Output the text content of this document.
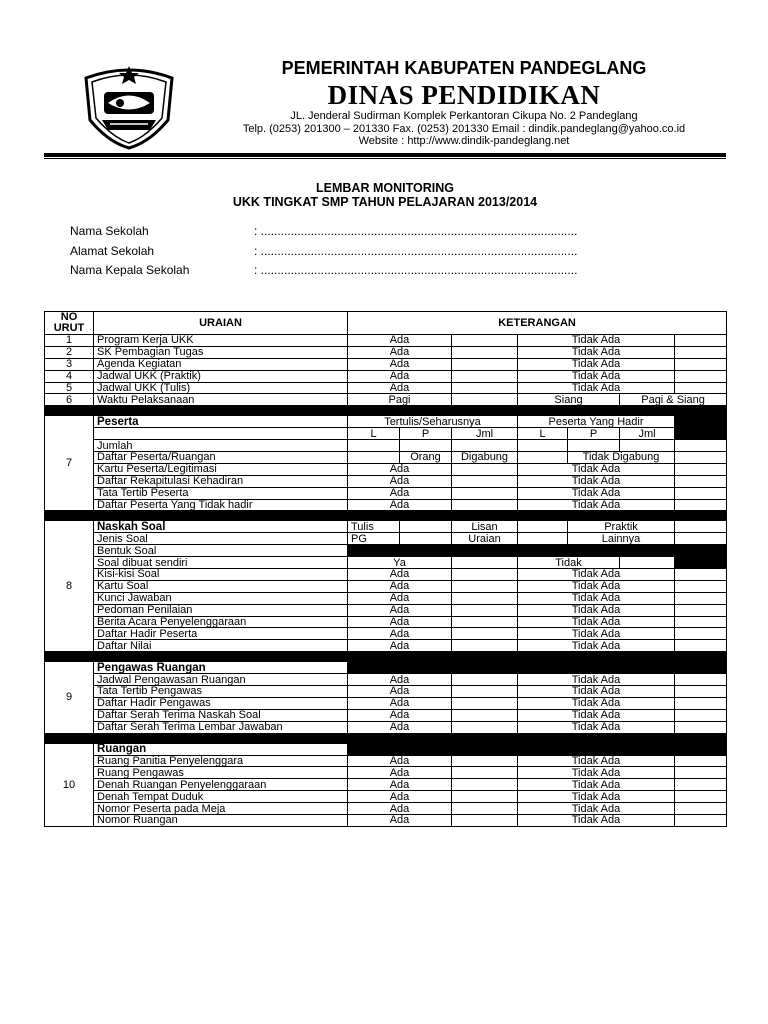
PEMERINTAH KABUPATEN PANDEGLANG
DINAS PENDIDIKAN
JL. Jenderal Sudirman Komplek Perkantoran Cikupa No. 2 Pandeglang
Telp. (0253) 201300 – 201330 Fax. (0253) 201330 Email : dindik.pandeglang@yahoo.co.id
Website : http://www.dindik-pandeglang.net
LEMBAR MONITORING
UKK TINGKAT SMP TAHUN PELAJARAN 2013/2014
Nama Sekolah	: ...............................................................................................
Alamat Sekolah	: ...............................................................................................
Nama Kepala Sekolah	: ...............................................................................................
NO
URUT	URAIAN	KETERANGAN						
1	Program Kerja UKK	Ada			Tidak Ada			
2	SK Pembagian Tugas	Ada			Tidak Ada			
3	Agenda Kegiatan	Ada			Tidak Ada			
4	Jadwal UKK (Praktik)	Ada			Tidak Ada			
5	Jadwal UKK (Tulis)	Ada			Tidak Ada			
6	Waktu Pelaksanaan	Pagi			Siang		Pagi & Siang	

7	Peserta	Tertulis/Seharusnya			Peserta Yang Hadir			
		L	P	Jml	L	P	Jml	
	Jumlah							
	Daftar Peserta/Ruangan		Orang	Digabung		Tidak Digabung		
	Kartu Peserta/Legitimasi	Ada			Tidak Ada			
	Daftar Rekapitulasi Kehadiran	Ada			Tidak Ada			
	Tata Tertib Peserta	Ada			Tidak Ada			
	Daftar Peserta Yang Tidak hadir	Ada			Tidak Ada			

8	Naskah Soal	Tulis		Lisan		Praktik		
	Jenis Soal	PG		Uraian		Lainnya		
	Bentuk Soal							
	Soal dibuat sendiri	Ya			Tidak			
	Kisi-kisi Soal	Ada			Tidak Ada			
	Kartu Soal	Ada			Tidak Ada			
	Kunci Jawaban	Ada			Tidak Ada			
	Pedoman Penilaian	Ada			Tidak Ada			
	Berita Acara Penyelenggaraan	Ada			Tidak Ada			
	Daftar Hadir Peserta	Ada			Tidak Ada			
	Daftar Nilai	Ada			Tidak Ada			

9	Pengawas Ruangan							
	Jadwal Pengawasan Ruangan	Ada			Tidak Ada			
	Tata Tertib Pengawas	Ada			Tidak Ada			
	Daftar Hadir Pengawas	Ada			Tidak Ada			
	Daftar Serah Terima Naskah Soal	Ada			Tidak Ada			
	Daftar Serah Terima Lembar Jawaban	Ada			Tidak Ada			

10	Ruangan							
	Ruang Panitia Penyelenggara	Ada			Tidak Ada			
	Ruang Pengawas	Ada			Tidak Ada			
	Denah Ruangan Penyelenggaraan	Ada			Tidak Ada			
	Denah Tempat Duduk	Ada			Tidak Ada			
	Nomor Peserta pada Meja	Ada			Tidak Ada			
	Nomor Ruangan	Ada			Tidak Ada			
